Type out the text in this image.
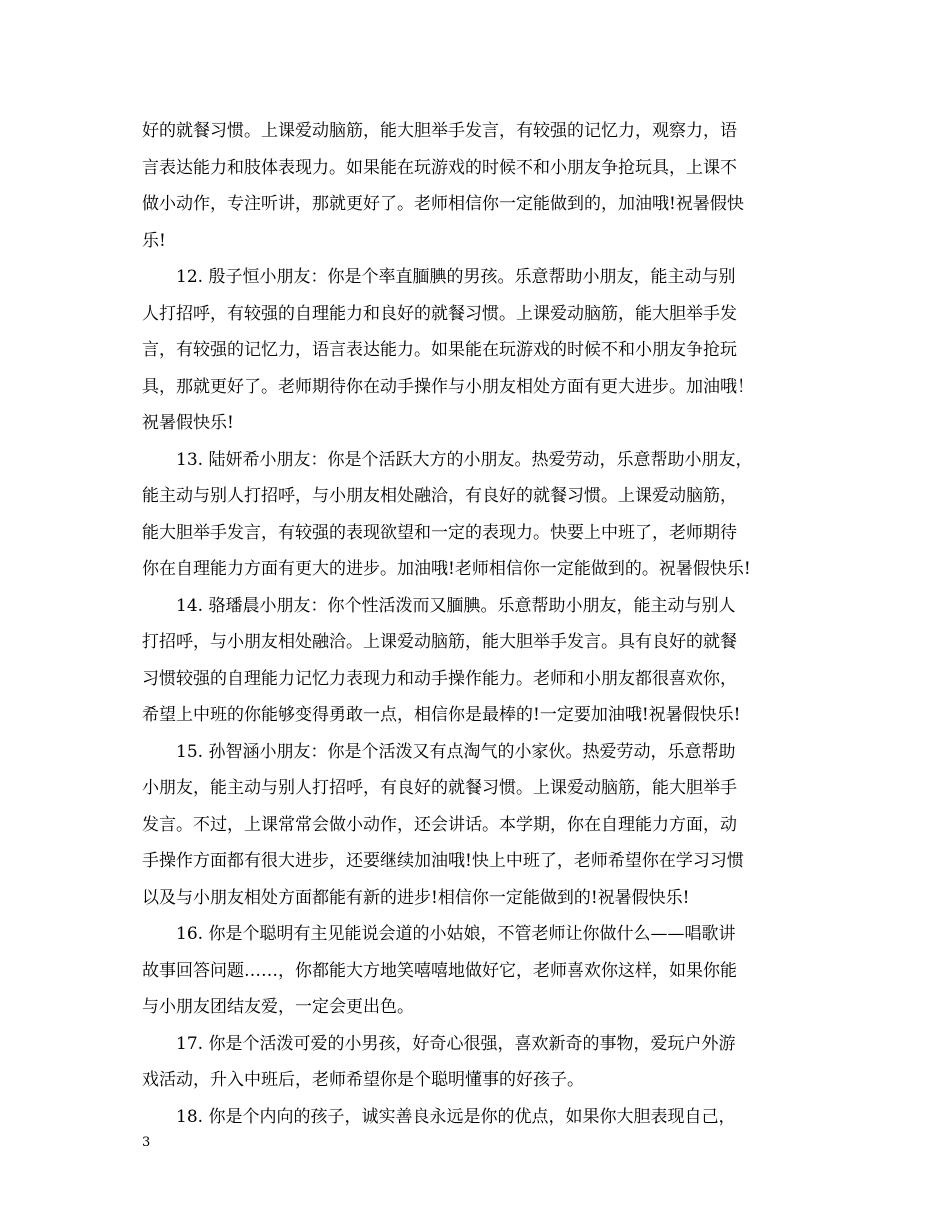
好的就餐习惯。上课爱动脑筋，能大胆举手发言，有较强的记忆力，观察力，语
言表达能力和肢体表现力。如果能在玩游戏的时候不和小朋友争抢玩具，上课不
做小动作，专注听讲，那就更好了。老师相信你一定能做到的，加油哦!祝暑假快
乐!
　　12. 殷子恒小朋友：你是个率直腼腆的男孩。乐意帮助小朋友，能主动与别
人打招呼，有较强的自理能力和良好的就餐习惯。上课爱动脑筋，能大胆举手发
言，有较强的记忆力，语言表达能力。如果能在玩游戏的时候不和小朋友争抢玩
具，那就更好了。老师期待你在动手操作与小朋友相处方面有更大进步。加油哦！
祝暑假快乐!
　　13. 陆妍希小朋友：你是个活跃大方的小朋友。热爱劳动，乐意帮助小朋友，
能主动与别人打招呼，与小朋友相处融洽，有良好的就餐习惯。上课爱动脑筋，
能大胆举手发言，有较强的表现欲望和一定的表现力。快要上中班了，老师期待
你在自理能力方面有更大的进步。加油哦!老师相信你一定能做到的。祝暑假快乐!
　　14. 骆璠晨小朋友：你个性活泼而又腼腆。乐意帮助小朋友，能主动与别人
打招呼，与小朋友相处融洽。上课爱动脑筋，能大胆举手发言。具有良好的就餐
习惯较强的自理能力记忆力表现力和动手操作能力。老师和小朋友都很喜欢你，
希望上中班的你能够变得勇敢一点，相信你是最棒的!一定要加油哦!祝暑假快乐!
　　15. 孙智涵小朋友：你是个活泼又有点淘气的小家伙。热爱劳动，乐意帮助
小朋友，能主动与别人打招呼，有良好的就餐习惯。上课爱动脑筋，能大胆举手
发言。不过，上课常常会做小动作，还会讲话。本学期，你在自理能力方面，动
手操作方面都有很大进步，还要继续加油哦!快上中班了，老师希望你在学习习惯
以及与小朋友相处方面都能有新的进步!相信你一定能做到的!祝暑假快乐!
　　16. 你是个聪明有主见能说会道的小姑娘，不管老师让你做什么——唱歌讲
故事回答问题……，你都能大方地笑嘻嘻地做好它，老师喜欢你这样，如果你能
与小朋友团结友爱，一定会更出色。
　　17. 你是个活泼可爱的小男孩，好奇心很强，喜欢新奇的事物，爱玩户外游
戏活动，升入中班后，老师希望你是个聪明懂事的好孩子。
　　18. 你是个内向的孩子，诚实善良永远是你的优点，如果你大胆表现自己，
3
